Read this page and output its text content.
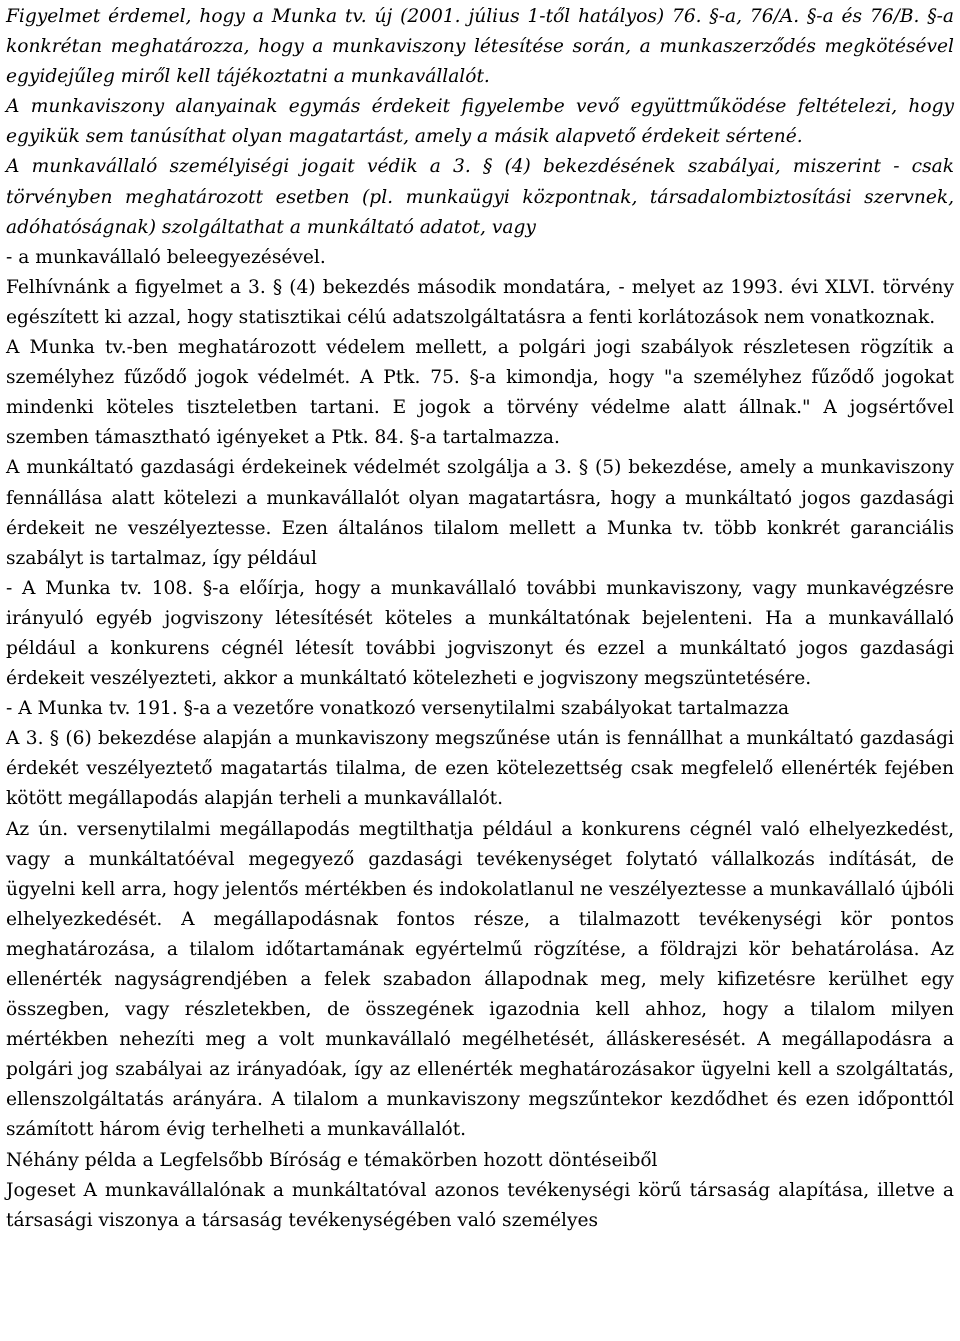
Figyelmet érdemel, hogy a Munka tv. új (2001. július 1-től hatályos) 76. §-a, 76/A. §-a és 76/B. §-a konkrétan meghatározza, hogy a munkaviszony létesítése során, a munkaszerződés megkötésével egyidejűleg miről kell tájékoztatni a munkavállalót.

A munkaviszony alanyainak egymás érdekeit figyelembe vevő együttműködése feltételezi, hogy egyikük sem tanúsíthat olyan magatartást, amely a másik alapvető érdekeit sértené.

A munkavállaló személyiségi jogait védik a 3. § (4) bekezdésének szabályai, miszerint - csak törvényben meghatározott esetben (pl. munkaügyi központnak, társadalombiztosítási szervnek, adóhatóságnak) szolgáltathat a munkáltató adatot, vagy

- a munkavállaló beleegyezésével.

Felhívnánk a figyelmet a 3. § (4) bekezdés második mondatára, - melyet az 1993. évi XLVI. törvény egészített ki azzal, hogy statisztikai célú adatszolgáltatásra a fenti korlátozások nem vonatkoznak.

A Munka tv.-ben meghatározott védelem mellett, a polgári jogi szabályok részletesen rögzítik a személyhez fűződő jogok védelmét. A Ptk. 75. §-a kimondja, hogy "a személyhez fűződő jogokat mindenki köteles tiszteletben tartani. E jogok a törvény védelme alatt állnak." A jogsértővel szemben támasztható igényeket a Ptk. 84. §-a tartalmazza.

A munkáltató gazdasági érdekeinek védelmét szolgálja a 3. § (5) bekezdése, amely a munkaviszony fennállása alatt kötelezi a munkavállalót olyan magatartásra, hogy a munkáltató jogos gazdasági érdekeit ne veszélyeztesse. Ezen általános tilalom mellett a Munka tv. több konkrét garanciális szabályt is tartalmaz, így például

- A Munka tv. 108. §-a előírja, hogy a munkavállaló további munkaviszony, vagy munkavégzésre irányuló egyéb jogviszony létesítését köteles a munkáltatónak bejelenteni. Ha a munkavállaló például a konkurens cégnél létesít további jogviszonyt és ezzel a munkáltató jogos gazdasági érdekeit veszélyezteti, akkor a munkáltató kötelezheti e jogviszony megszüntetésére.

- A Munka tv. 191. §-a a vezetőre vonatkozó versenytilalmi szabályokat tartalmazza

A 3. § (6) bekezdése alapján a munkaviszony megszűnése után is fennállhat a munkáltató gazdasági érdekét veszélyeztető magatartás tilalma, de ezen kötelezettség csak megfelelő ellenérték fejében kötött megállapodás alapján terheli a munkavállalót.

Az ún. versenytilalmi megállapodás megtilthatja például a konkurens cégnél való elhelyezkedést, vagy a munkáltatóéval megegyező gazdasági tevékenységet folytató vállalkozás indítását, de ügyelni kell arra, hogy jelentős mértékben és indokolatlanul ne veszélyeztesse a munkavállaló újbóli elhelyezkedését. A megállapodásnak fontos része, a tilalmazott tevékenységi kör pontos meghatározása, a tilalom időtartamának egyértelmű rögzítése, a földrajzi kör behatárolása. Az ellenérték nagyságrendjében a felek szabadon állapodnak meg, mely kifizetésre kerülhet egy összegben, vagy részletekben, de összegének igazodnia kell ahhoz, hogy a tilalom milyen mértékben nehezíti meg a volt munkavállaló megélhetését, álláskeresését. A megállapodásra a polgári jog szabályai az irányadóak, így az ellenérték meghatározásakor ügyelni kell a szolgáltatás, ellenszolgáltatás arányára. A tilalom a munkaviszony megszűntekor kezdődhet és ezen időponttól számított három évig terhelheti a munkavállalót.

Néhány példa a Legfelsőbb Bíróság e témakörben hozott döntéseiből

Jogeset A munkavállalónak a munkáltatóval azonos tevékenységi körű társaság alapítása, illetve a társasági viszonya a társaság tevékenységében való személyes
